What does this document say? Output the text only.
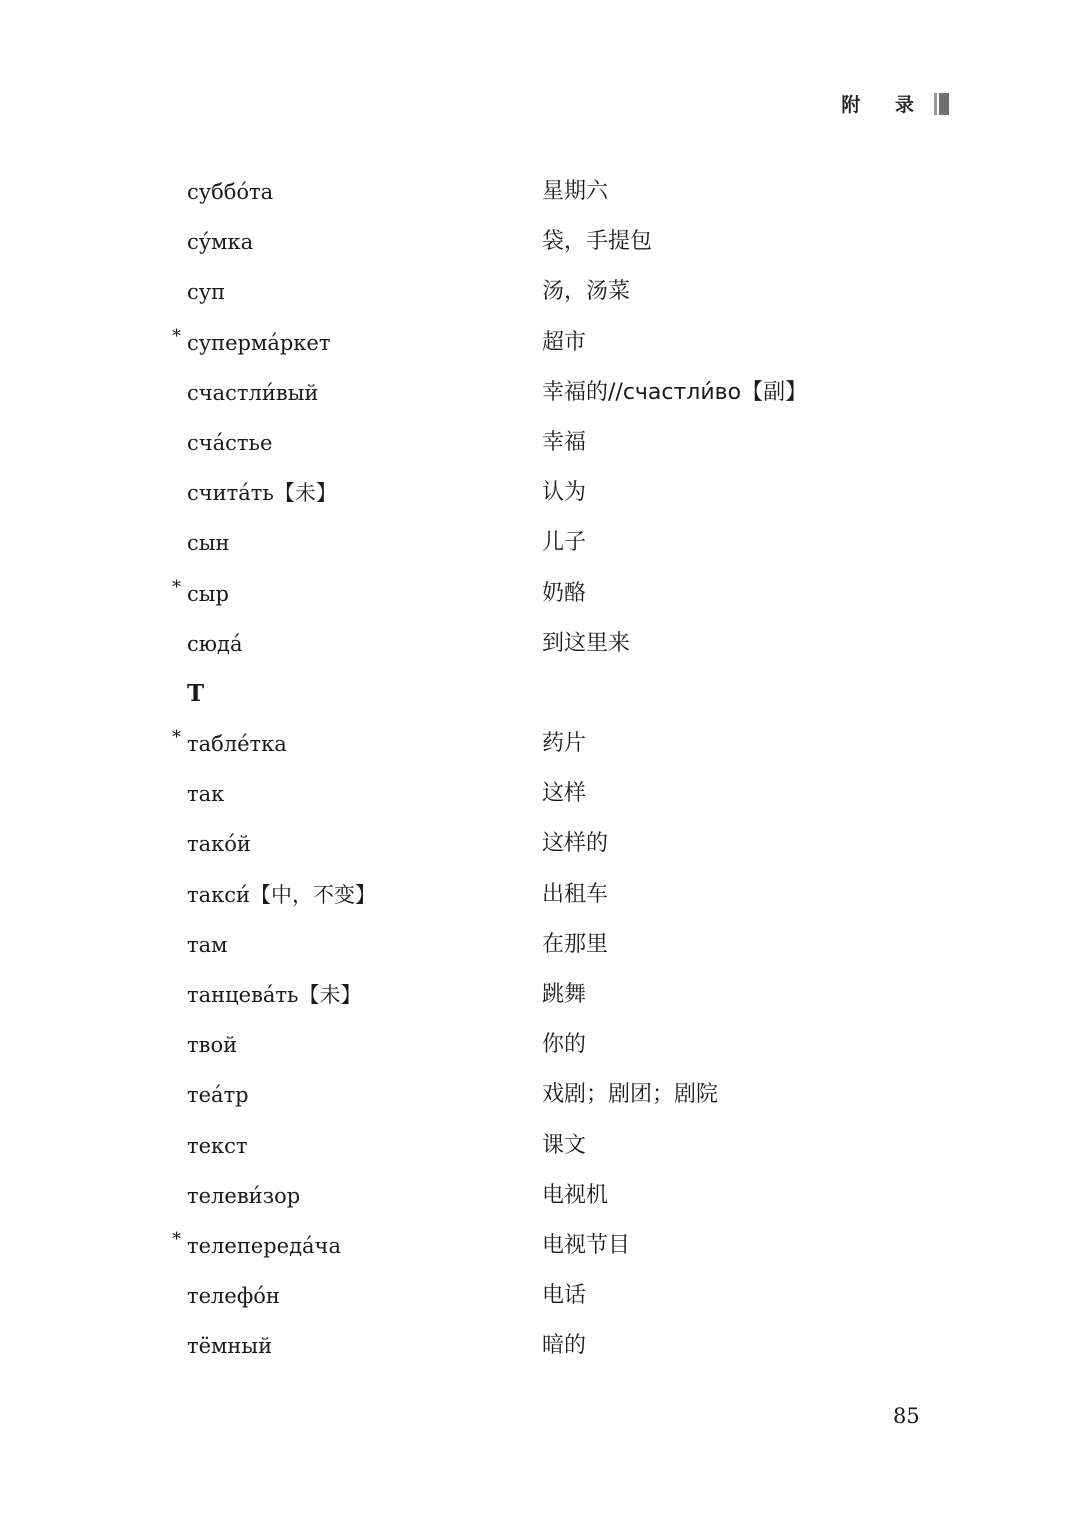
附 录
суббо́та	星期六
су́мка	袋，手提包
суп	汤，汤菜
* суперма́ркет	超市
счастли́вый	幸福的//счастли́во【副】
сча́стье	幸福
счита́ть【未】	认为
сын	儿子
* сыр	奶酪
сюда́	到这里来
Т
* табле́тка	药片
так	这样
тако́й	这样的
такси́【中，不变】	出租车
там	在那里
танцева́ть【未】	跳舞
твой	你的
теа́тр	戏剧；剧团；剧院
текст	课文
телеви́зор	电视机
* телепереда́ча	电视节目
телефо́н	电话
тёмный	暗的
85
